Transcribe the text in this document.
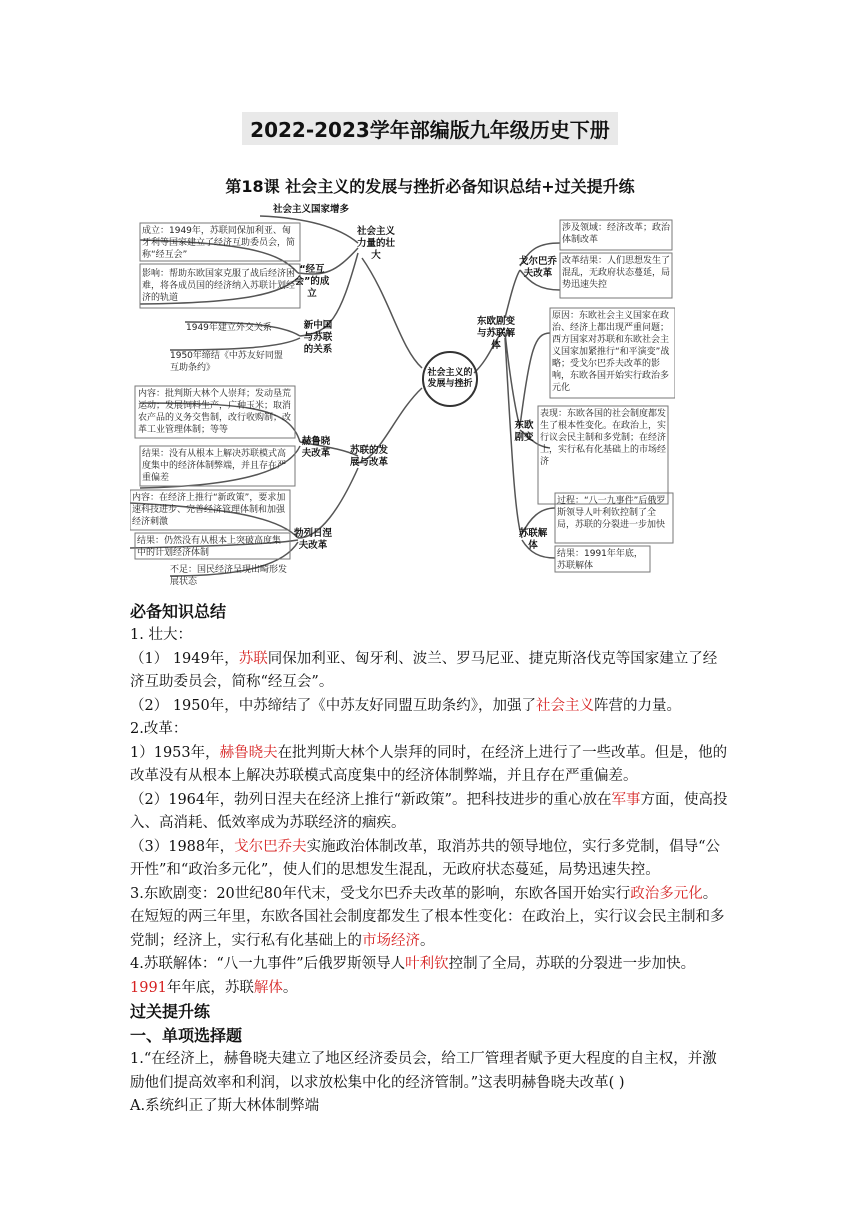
2022-2023学年部编版九年级历史下册
第18课 社会主义的发展与挫折必备知识总结+过关提升练
社会主义的发展与挫折
社会主义国家增多
社会主义力量的壮大
“经互会”的成立
成立：1949年，苏联同保加利亚、匈牙利等国家建立了经济互助委员会，简称“经互会”
影响：帮助东欧国家克服了战后经济困难，将各成员国的经济纳入苏联计划经济的轨道
新中国与苏联的关系
1949年建立外交关系
1950年缔结《中苏友好同盟互助条约》
苏联的发展与改革
赫鲁晓夫改革
内容：批判斯大林个人崇拜；发动垦荒运动；发展饲料生产，广种玉米；取消农产品的义务交售制，改行收购制；改革工业管理体制；等等
结果：没有从根本上解决苏联模式高度集中的经济体制弊端，并且存在严重偏差
勃列日涅夫改革
内容：在经济上推行“新政策”，要求加速科技进步、完善经济管理体制和加强经济刺激
结果：仍然没有从根本上突破高度集中的计划经济体制
不足：国民经济呈现出畸形发展状态
东欧剧变与苏联解体
戈尔巴乔夫改革
涉及领域：经济改革；政治体制改革
改革结果：人们思想发生了混乱，无政府状态蔓延，局势迅速失控
东欧剧变
原因：东欧社会主义国家在政治、经济上都出现严重问题；西方国家对苏联和东欧社会主义国家加紧推行“和平演变”战略；受戈尔巴乔夫改革的影响，东欧各国开始实行政治多元化
表现：东欧各国的社会制度都发生了根本性变化。在政治上，实行议会民主制和多党制；在经济上，实行私有化基础上的市场经济
苏联解体
过程：“八一九事件”后俄罗斯领导人叶利钦控制了全局，苏联的分裂进一步加快
结果：1991年年底，苏联解体

必备知识总结

1. 壮大：

（1） 1949年，苏联同保加利亚、匈牙利、波兰、罗马尼亚、捷克斯洛伐克等国家建立了经济互助委员会，简称“经互会”。

（2） 1950年，中苏缔结了《中苏友好同盟互助条约》，加强了社会主义阵营的力量。

2.改革：

1）1953年，赫鲁晓夫在批判斯大林个人崇拜的同时，在经济上进行了一些改革。但是，他的改革没有从根本上解决苏联模式高度集中的经济体制弊端，并且存在严重偏差。

（2）1964年，勃列日涅夫在经济上推行“新政策”。把科技进步的重心放在军事方面，使高投入、高消耗、低效率成为苏联经济的痼疾。

（3）1988年，戈尔巴乔夫实施政治体制改革，取消苏共的领导地位，实行多党制，倡导“公开性”和“政治多元化”，使人们的思想发生混乱，无政府状态蔓延，局势迅速失控。

3.东欧剧变：20世纪80年代末，受戈尔巴乔夫改革的影响，东欧各国开始实行政治多元化。在短短的两三年里，东欧各国社会制度都发生了根本性变化：在政治上，实行议会民主制和多党制；经济上，实行私有化基础上的市场经济。

4.苏联解体：“八一九事件”后俄罗斯领导人叶利钦控制了全局，苏联的分裂进一步加快。1991年年底，苏联解体。

过关提升练

一、单项选择题

1.“在经济上，赫鲁晓夫建立了地区经济委员会，给工厂管理者赋予更大程度的自主权，并激励他们提高效率和利润，以求放松集中化的经济管制。”这表明赫鲁晓夫改革( )

A.系统纠正了斯大林体制弊端
